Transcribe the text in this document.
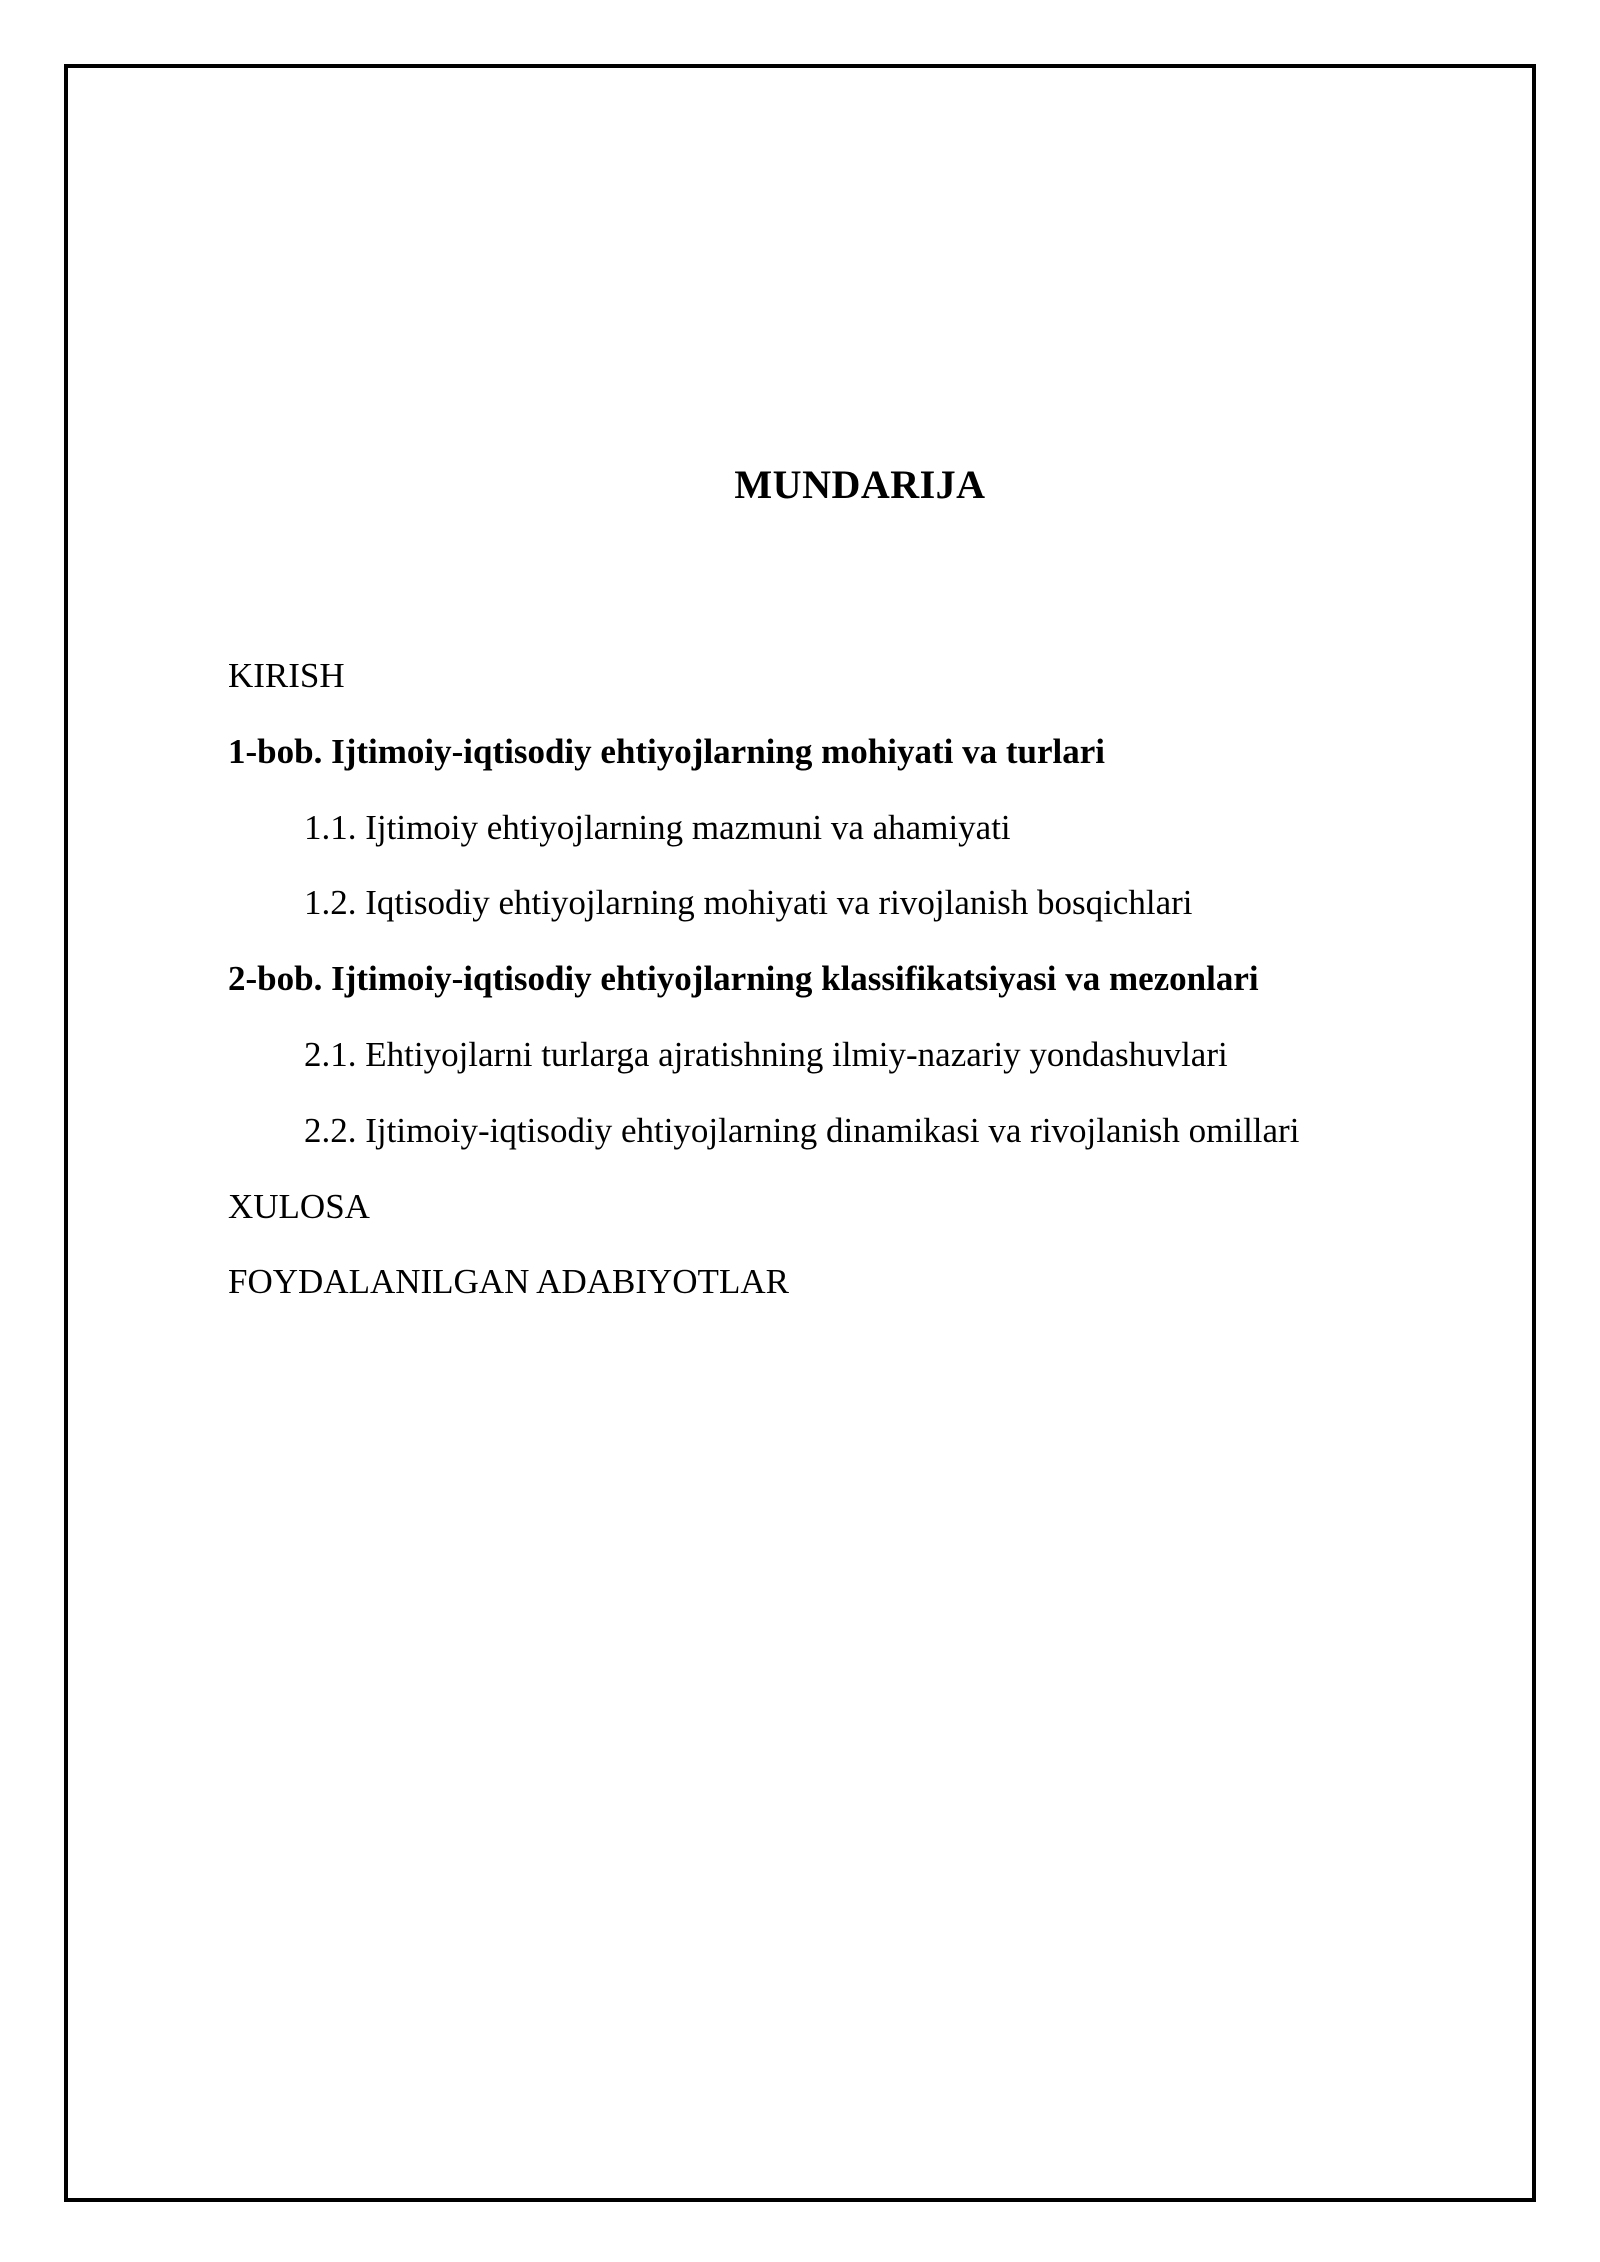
MUNDARIJA
KIRISH
1-bob. Ijtimoiy-iqtisodiy ehtiyojlarning mohiyati va turlari
1.1. Ijtimoiy ehtiyojlarning mazmuni va ahamiyati
1.2. Iqtisodiy ehtiyojlarning mohiyati va rivojlanish bosqichlari
2-bob. Ijtimoiy-iqtisodiy ehtiyojlarning klassifikatsiyasi va mezonlari
2.1. Ehtiyojlarni turlarga ajratishning ilmiy-nazariy yondashuvlari
2.2. Ijtimoiy-iqtisodiy ehtiyojlarning dinamikasi va rivojlanish omillari
XULOSA
FOYDALANILGAN ADABIYOTLAR
